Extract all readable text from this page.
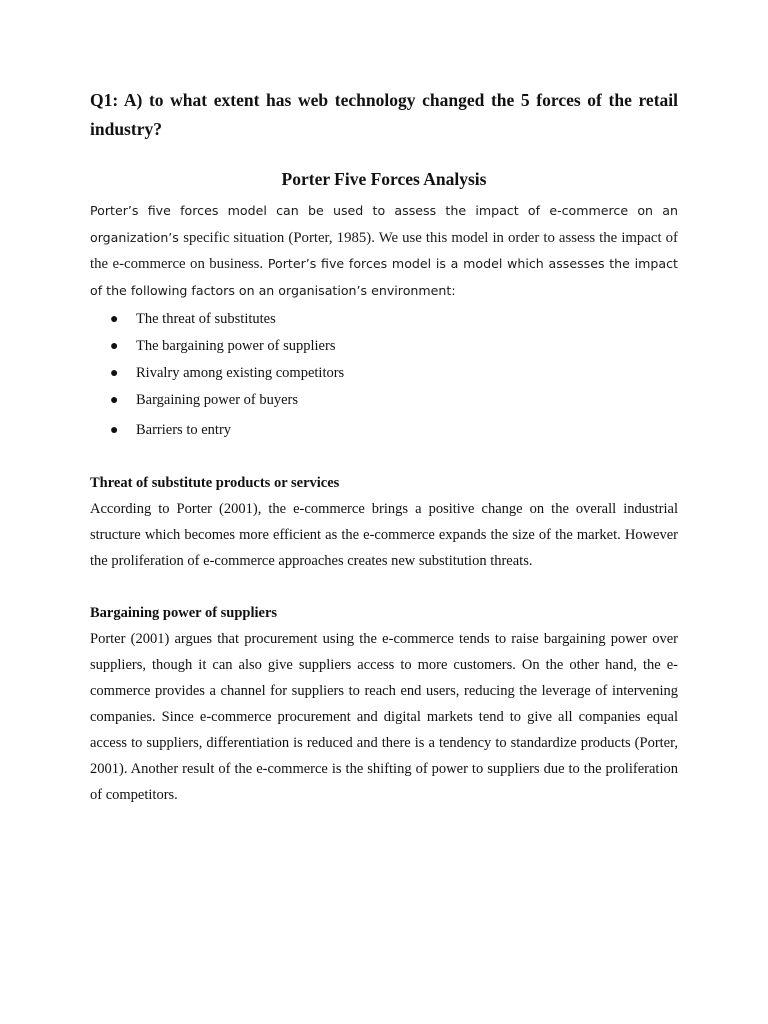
Q1: A) to what extent has web technology changed the 5 forces of the retail industry?

Porter Five Forces Analysis

Porter’s five forces model can be used to assess the impact of e-commerce on an organization’s specific situation (Porter, 1985). We use this model in order to assess the impact of the e-commerce on business. Porter’s five forces model is a model which assesses the impact of the following factors on an organisation’s environment:

● The threat of substitutes
● The bargaining power of suppliers
● Rivalry among existing competitors
● Bargaining power of buyers
● Barriers to entry
Threat of substitute products or services

According to Porter (2001), the e-commerce brings a positive change on the overall industrial structure which becomes more efficient as the e-commerce expands the size of the market. However the proliferation of e-commerce approaches creates new substitution threats.

Bargaining power of suppliers

Porter (2001) argues that procurement using the e-commerce tends to raise bargaining power over suppliers, though it can also give suppliers access to more customers. On the other hand, the e-commerce provides a channel for suppliers to reach end users, reducing the leverage of intervening companies. Since e-commerce procurement and digital markets tend to give all companies equal access to suppliers, differentiation is reduced and there is a tendency to standardize products (Porter, 2001). Another result of the e-commerce is the shifting of power to suppliers due to the proliferation of competitors.
